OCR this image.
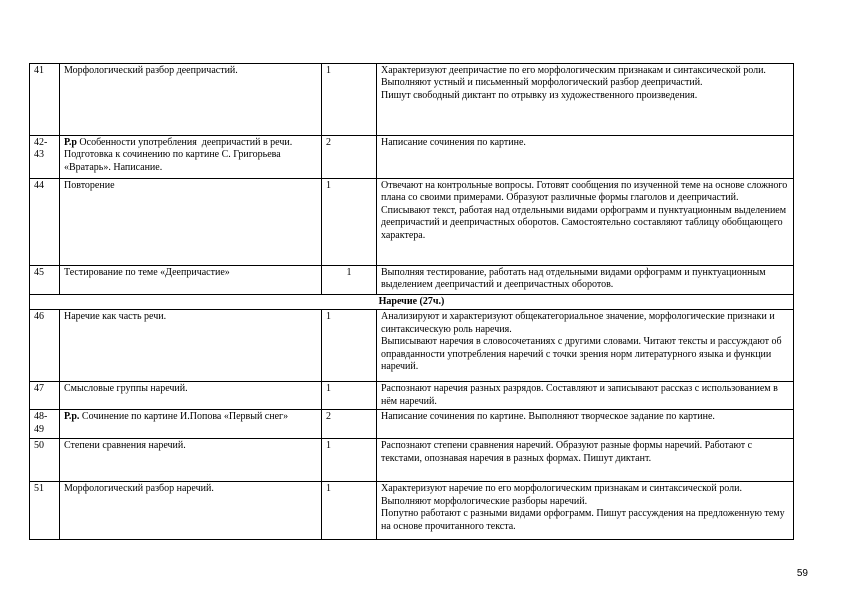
41	Морфологический разбор деепричастий.	1	Характеризуют деепричастие по его морфологическим признакам и синтаксической роли.
Выполняют устный и письменный морфологический разбор деепричастий.
Пишут свободный диктант по отрывку из художественного произведения.
42-43	Р.р Особенности употребления  деепричастий в речи. Подготовка к сочинению по картине С. Григорьева  «Вратарь». Написание.	2	Написание сочинения по картине.
44	Повторение	1	Отвечают на контрольные вопросы. Готовят сообщения по изученной теме на основе сложного плана со своими примерами. Образуют различные формы глаголов и деепричастий. Списывают текст, работая над отдельными видами орфограмм и пунктуационным выделением деепричастий и деепричастных оборотов. Самостоятельно составляют таблицу обобщающего характера.
45	Тестирование по теме «Деепричастие»	1	Выполняя тестирование, работать над отдельными видами орфограмм и пунктуационным выделением деепричастий и деепричастных оборотов.
Наречие (27ч.)			
46	Наречие как часть речи.	1	Анализируют и характеризуют общекатегориальное значение, морфологические признаки и синтаксическую роль наречия.
Выписывают наречия в словосочетаниях с другими словами. Читают тексты и рассуждают об оправданности употребления наречий с точки зрения норм литературного языка и функции наречий.
47	Смысловые группы наречий.	1	Распознают наречия разных разрядов. Составляют и записывают рассказ с использованием в нём наречий.
48-49	Р.р. Сочинение по картине И.Попова «Первый снег»	2	Написание сочинения по картине. Выполняют творческое задание по картине.
50	Степени сравнения наречий.	1	Распознают степени сравнения наречий. Образуют разные формы наречий. Работают с текстами, опознавая наречия в разных формах. Пишут диктант.
51	Морфологический разбор наречий.	1	Характеризуют наречие по его морфологическим признакам и синтаксической роли. Выполняют морфологические разборы наречий.
Попутно работают с разными видами орфограмм. Пишут рассуждения на предложенную тему на основе прочитанного текста.
59
